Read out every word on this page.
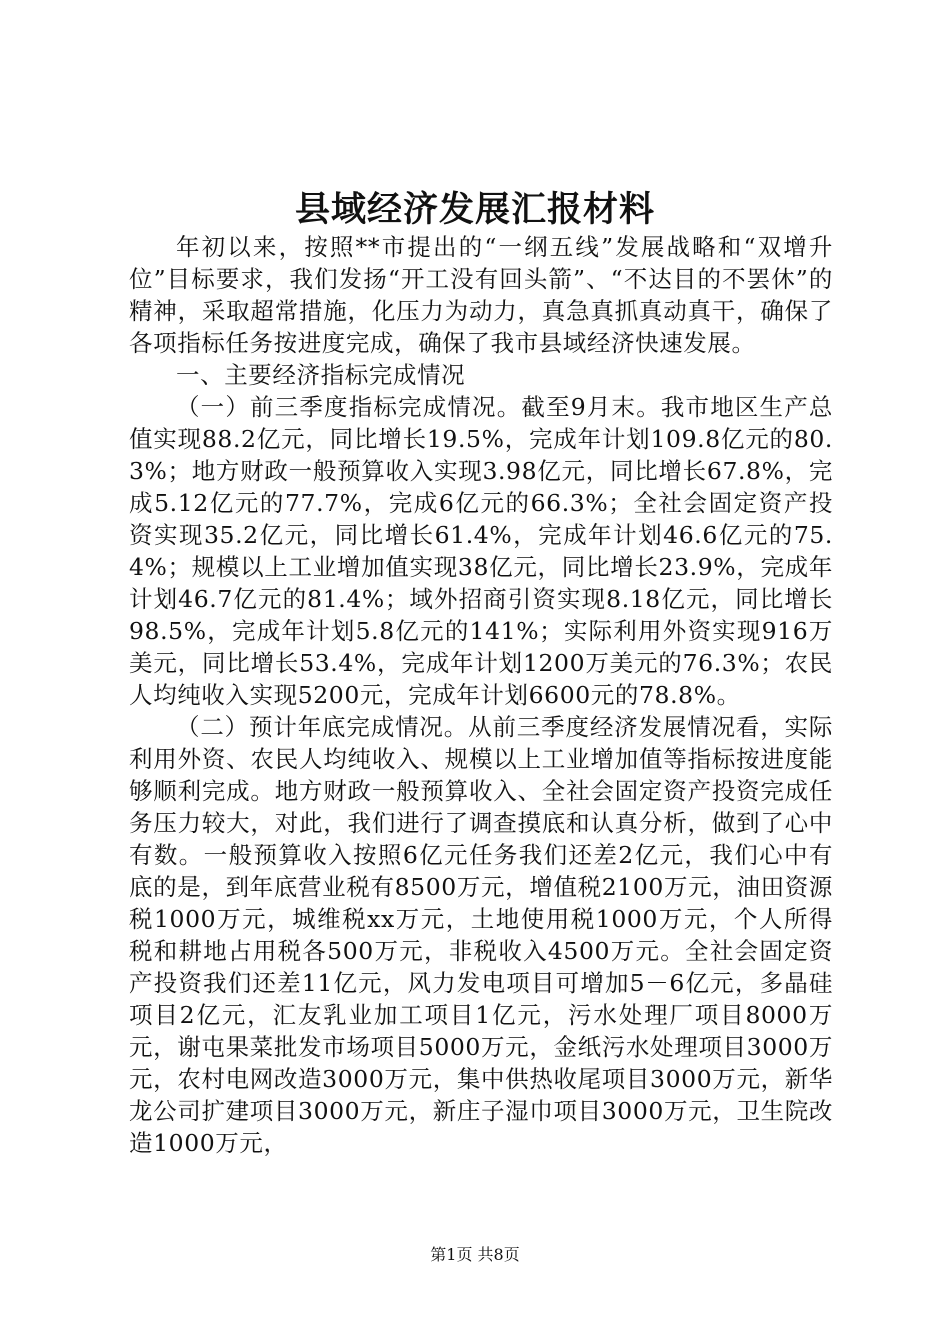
县域经济发展汇报材料

年初以来，按照**市提出的“一纲五线”发展战略和“双增升位”目标要求，我们发扬“开工没有回头箭”、“不达目的不罢休”的精神，采取超常措施，化压力为动力，真急真抓真动真干，确保了各项指标任务按进度完成，确保了我市县域经济快速发展。

一、主要经济指标完成情况

（一）前三季度指标完成情况。截至9月末。我市地区生产总值实现88.2亿元，同比增长19.5%，完成年计划109.8亿元的80.3%；地方财政一般预算收入实现3.98亿元，同比增长67.8%，完成5.12亿元的77.7%，完成6亿元的66.3%；全社会固定资产投资实现35.2亿元，同比增长61.4%，完成年计划46.6亿元的75.4%；规模以上工业增加值实现38亿元，同比增长23.9%，完成年计划46.7亿元的81.4%；域外招商引资实现8.18亿元，同比增长98.5%，完成年计划5.8亿元的141%；实际利用外资实现916万美元，同比增长53.4%，完成年计划1200万美元的76.3%；农民人均纯收入实现5200元，完成年计划6600元的78.8%。

（二）预计年底完成情况。从前三季度经济发展情况看，实际利用外资、农民人均纯收入、规模以上工业增加值等指标按进度能够顺利完成。地方财政一般预算收入、全社会固定资产投资完成任务压力较大，对此，我们进行了调查摸底和认真分析，做到了心中有数。一般预算收入按照6亿元任务我们还差2亿元，我们心中有底的是，到年底营业税有8500万元，增值税2100万元，油田资源税1000万元，城维税xx万元，土地使用税1000万元，个人所得税和耕地占用税各500万元，非税收入4500万元。全社会固定资产投资我们还差11亿元，风力发电项目可增加5－6亿元，多晶硅项目2亿元，汇友乳业加工项目1亿元，污水处理厂项目8000万元，谢屯果菜批发市场项目5000万元，金纸污水处理项目3000万元，农村电网改造3000万元，集中供热收尾项目3000万元，新华龙公司扩建项目3000万元，新庄子湿巾项目3000万元，卫生院改造1000万元，

第1页 共8页
